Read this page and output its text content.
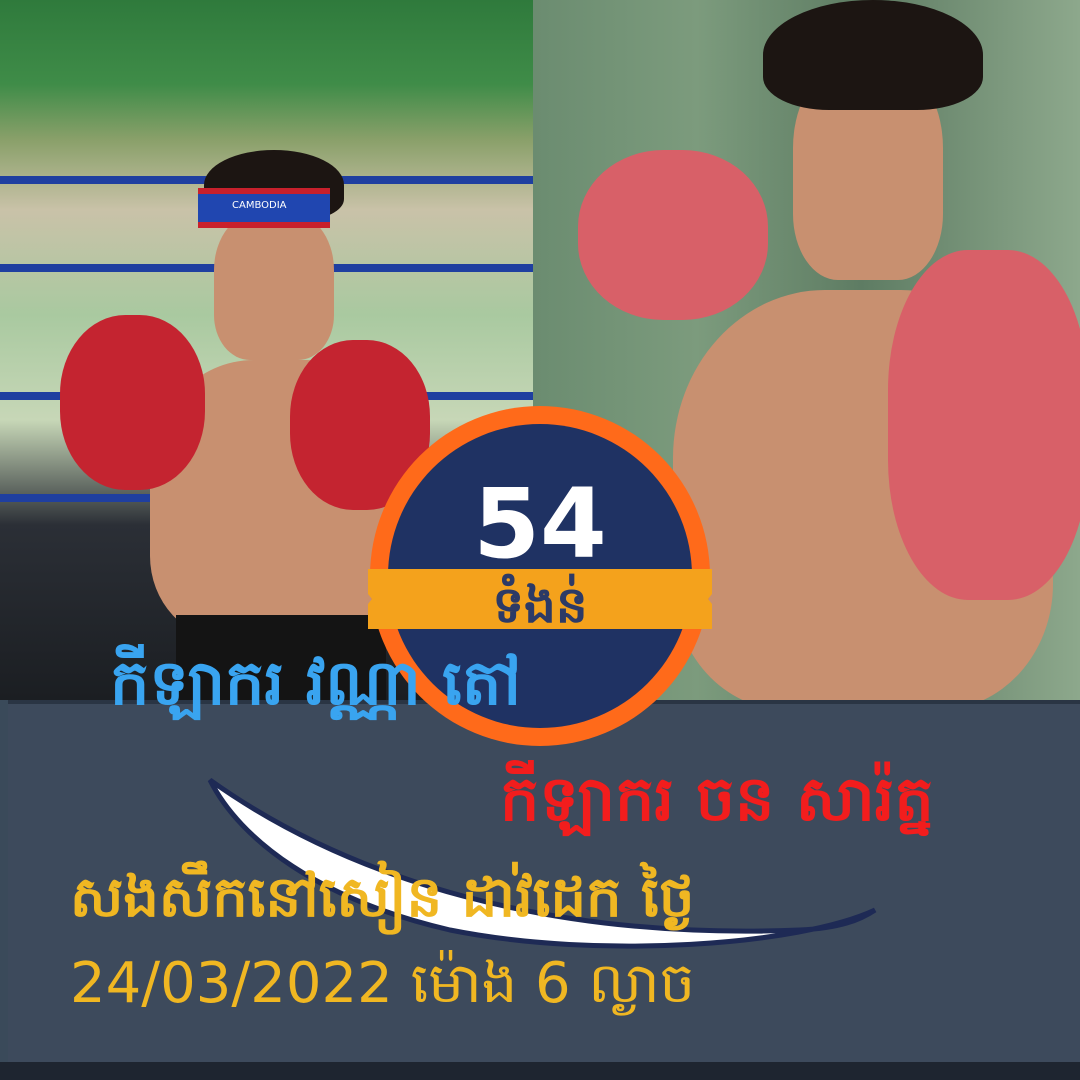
CAMBODIA
54
ទំងន់
កីឡាករ វណ្ណា តៅ
កីឡាករ ចន សារ៉ត្ន
សងសឹកនៅសៀន ដាវ់ដេក ថ្ងៃ
24/03/2022 ម៉ោង 6 ល្ងាច
